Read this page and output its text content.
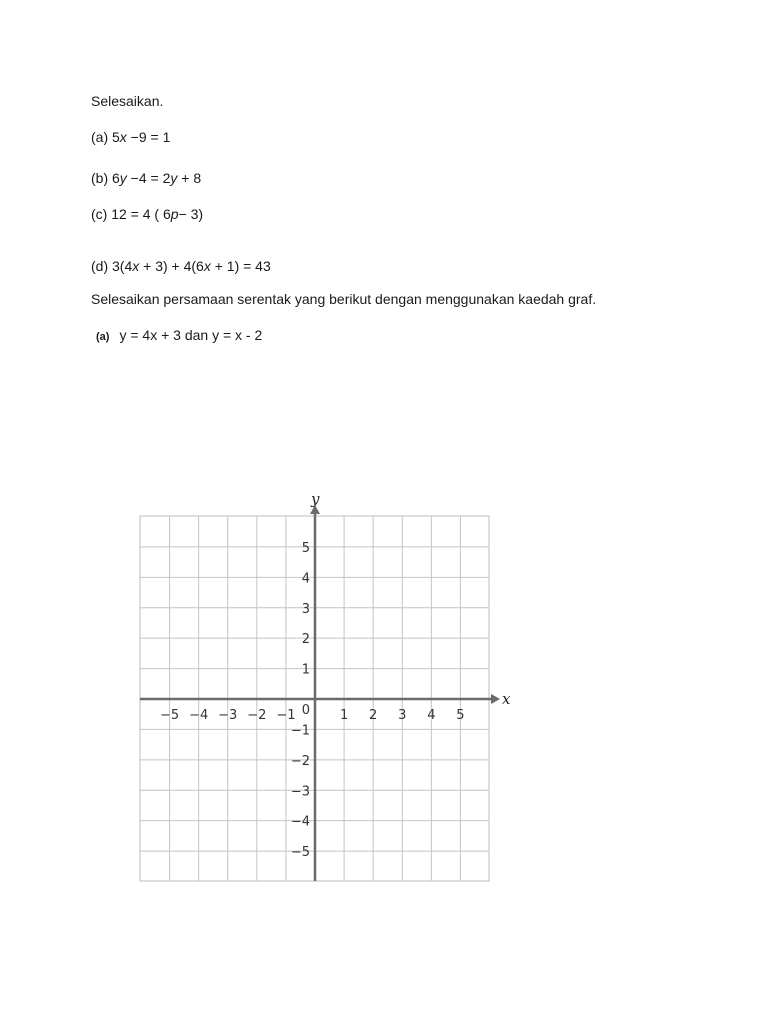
Selesaikan.
(a) 5x −9 = 1
(b) 6y −4 = 2y + 8
(c) 12 = 4 ( 6p− 3)
(d) 3(4x + 3) + 4(6x + 1) = 43
Selesaikan persamaan serentak yang berikut dengan menggunakan kaedah graf.
(a) y = 4x + 3 dan y = x - 2
x
y
−5 −4 −3 −2 −1	1 2 3 4 5
5
4
3
2
1
−1
−2
−3
−4
−5
0
